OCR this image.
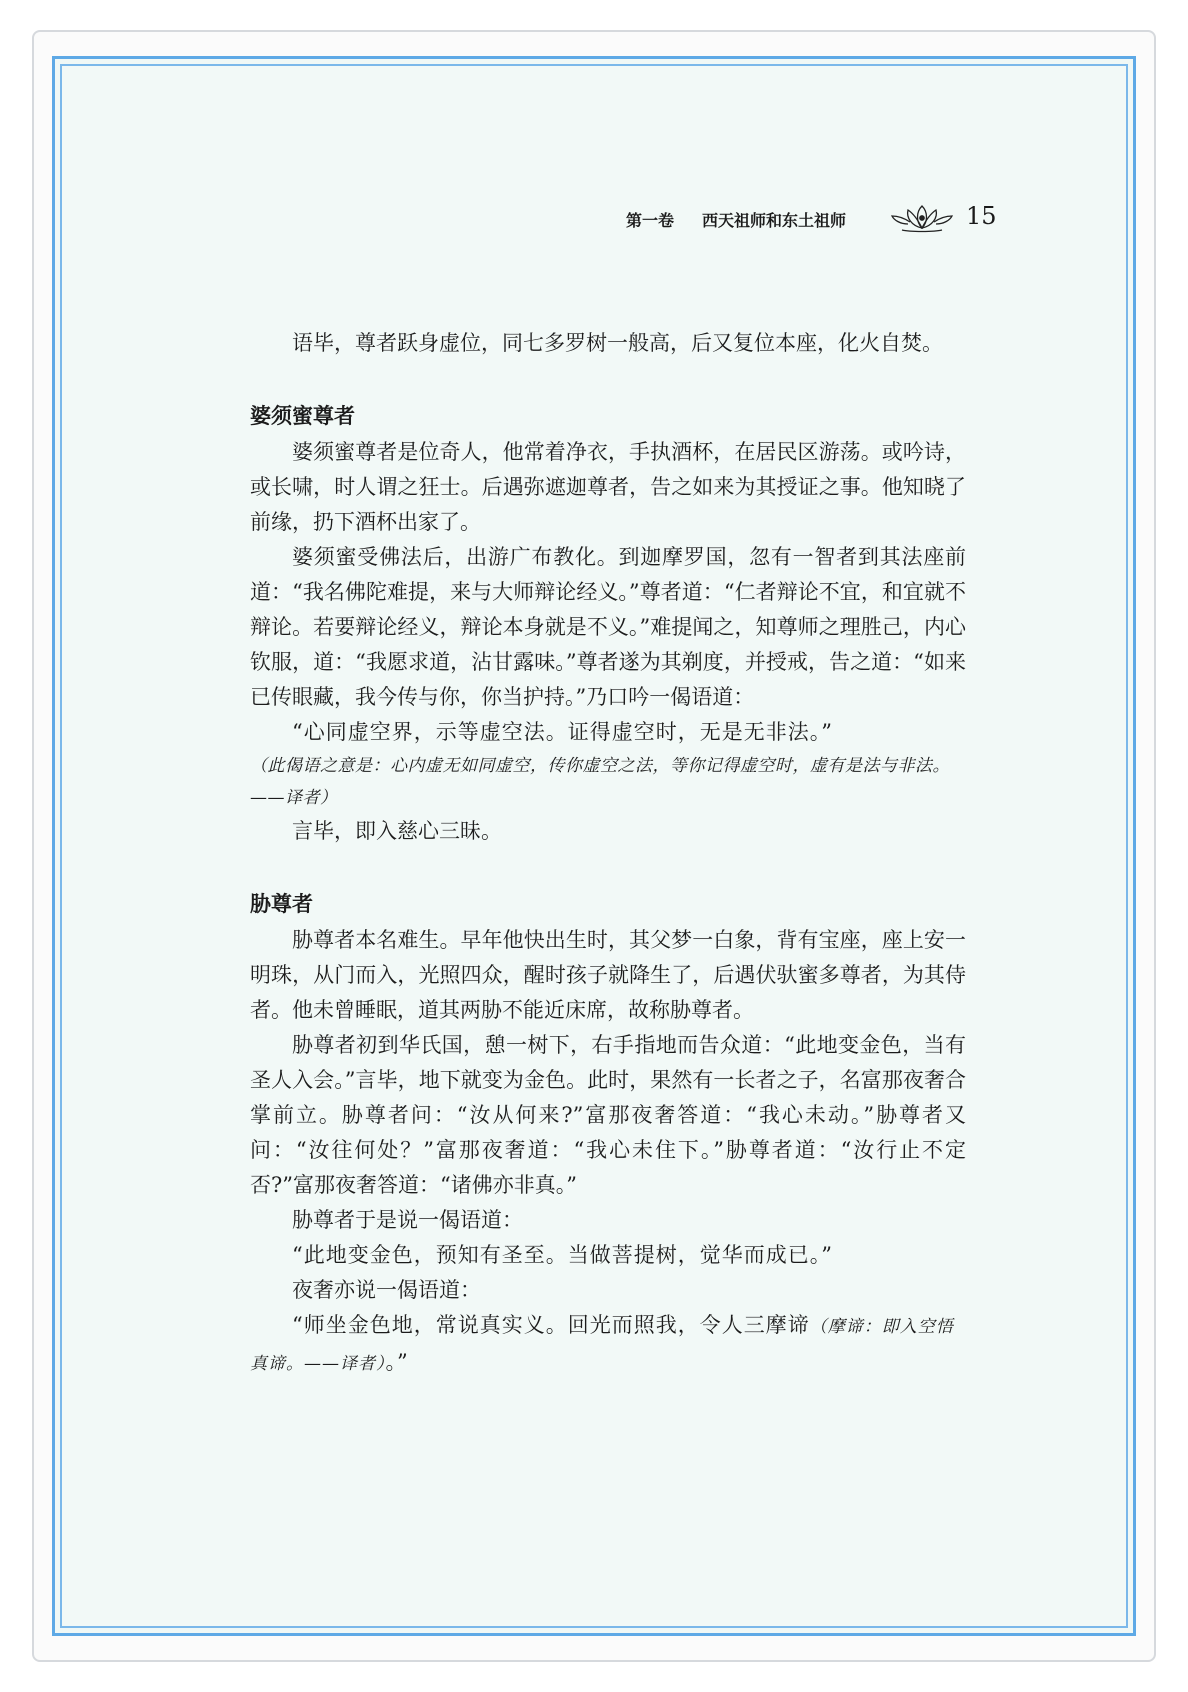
第一卷 西天祖师和东土祖师	15

语毕，尊者跃身虚位，同七多罗树一般高，后又复位本座，化火自焚。

婆须蜜尊者

婆须蜜尊者是位奇人，他常着净衣，手执酒杯，在居民区游荡。或吟诗，或长啸，时人谓之狂士。后遇弥遮迦尊者，告之如来为其授证之事。他知晓了前缘，扔下酒杯出家了。

婆须蜜受佛法后，出游广布教化。到迦摩罗国，忽有一智者到其法座前道：“我名佛陀难提，来与大师辩论经义。”尊者道：“仁者辩论不宜，和宜就不辩论。若要辩论经义，辩论本身就是不义。”难提闻之，知尊师之理胜己，内心钦服，道：“我愿求道，沾甘露味。”尊者遂为其剃度，并授戒，告之道：“如来已传眼藏，我今传与你，你当护持。”乃口吟一偈语道：

“心同虚空界，示等虚空法。证得虚空时，无是无非法。”

（此偈语之意是：心内虚无如同虚空，传你虚空之法，等你记得虚空时，虚有是法与非法。——译者）

言毕，即入慈心三昧。

胁尊者

胁尊者本名难生。早年他快出生时，其父梦一白象，背有宝座，座上安一明珠，从门而入，光照四众，醒时孩子就降生了，后遇伏驮蜜多尊者，为其侍者。他未曾睡眠，道其两胁不能近床席，故称胁尊者。

胁尊者初到华氏国，憩一树下，右手指地而告众道：“此地变金色，当有圣人入会。”言毕，地下就变为金色。此时，果然有一长者之子，名富那夜奢合掌前立。胁尊者问：“汝从何来?”富那夜奢答道：“我心未动。”胁尊者又问：“汝往何处？”富那夜奢道：“我心未住下。”胁尊者道：“汝行止不定否?”富那夜奢答道：“诸佛亦非真。”

胁尊者于是说一偈语道：

“此地变金色，预知有圣至。当做菩提树，觉华而成已。”

夜奢亦说一偈语道：

“师坐金色地，常说真实义。回光而照我，令人三摩谛（摩谛：即入空悟真谛。——译者）。”
